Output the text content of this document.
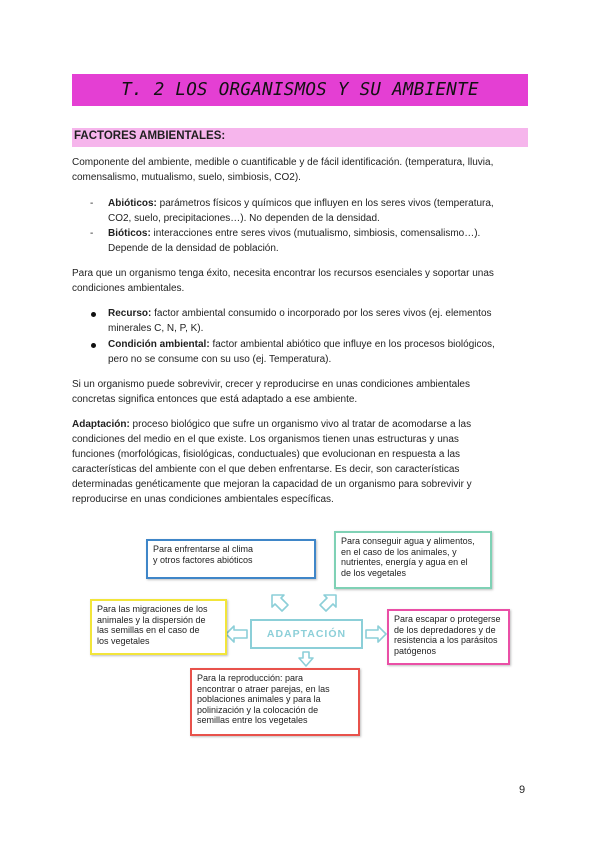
T. 2 LOS ORGANISMOS Y SU AMBIENTE
FACTORES AMBIENTALES:
Componente del ambiente, medible o cuantificable y de fácil identificación. (temperatura, lluvia,
comensalismo, mutualismo, suelo, simbiosis, CO2).
- Abióticos: parámetros físicos y químicos que influyen en los seres vivos (temperatura,
CO2, suelo, precipitaciones…). No dependen de la densidad.
- Bióticos: interacciones entre seres vivos (mutualismo, simbiosis, comensalismo…).
Depende de la densidad de población.
Para que un organismo tenga éxito, necesita encontrar los recursos esenciales y soportar unas
condiciones ambientales.
Recurso: factor ambiental consumido o incorporado por los seres vivos (ej. elementos
minerales C, N, P, K).
Condición ambiental: factor ambiental abiótico que influye en los procesos biológicos,
pero no se consume con su uso (ej. Temperatura).
Si un organismo puede sobrevivir, crecer y reproducirse en unas condiciones ambientales
concretas significa entonces que está adaptado a ese ambiente.
Adaptación: proceso biológico que sufre un organismo vivo al tratar de acomodarse a las
condiciones del medio en el que existe. Los organismos tienen unas estructuras y unas
funciones (morfológicas, fisiológicas, conductuales) que evolucionan en respuesta a las
características del ambiente con el que deben enfrentarse. Es decir, son características
determinadas genéticamente que mejoran la capacidad de un organismo para sobrevivir y
reproducirse en unas condiciones ambientales específicas.
ADAPTACIÓN
Para enfrentarse al clima
y otros factores abióticos
Para conseguir agua y alimentos,
en el caso de los animales, y
nutrientes, energía y agua en el
de los vegetales
Para las migraciones de los
animales y la dispersión de
las semillas en el caso de
los vegetales
Para escapar o protegerse
de los depredadores y de
resistencia a los parásitos
patógenos
Para la reproducción: para
encontrar o atraer parejas, en las
poblaciones animales y para la
polinización y la colocación de
semillas entre los vegetales
9
